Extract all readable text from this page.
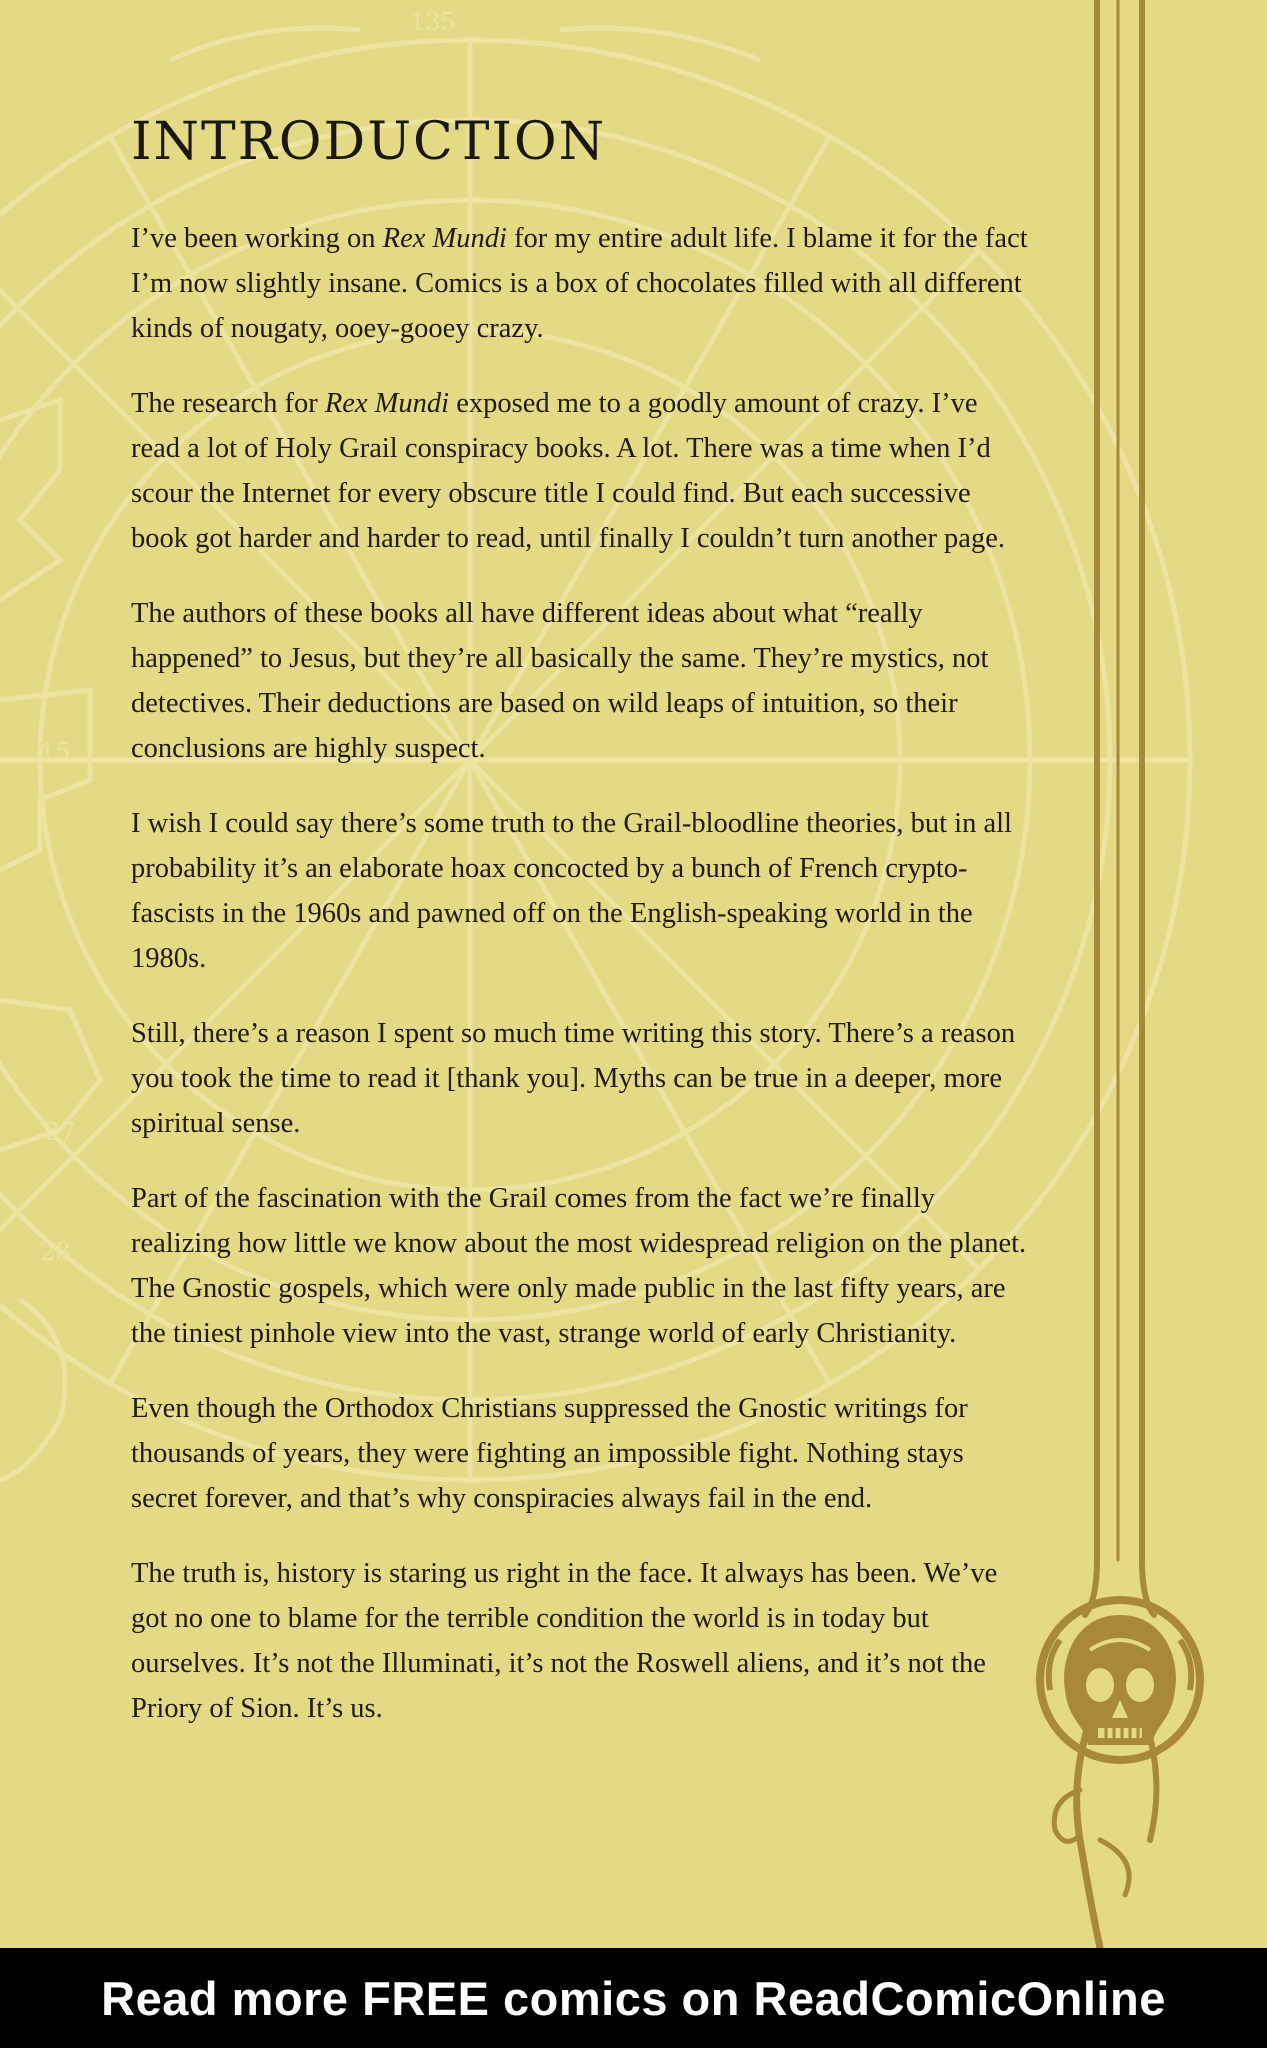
15
27
28
135
INTRODUCTION

I’ve been working on Rex Mundi for my entire adult life. I blame it for the fact I’m now slightly insane. Comics is a box of chocolates filled with all different kinds of nougaty, ooey-gooey crazy.

The research for Rex Mundi exposed me to a goodly amount of crazy. I’ve read a lot of Holy Grail conspiracy books. A lot. There was a time when I’d scour the Internet for every obscure title I could find. But each successive book got harder and harder to read, until finally I couldn’t turn another page.

The authors of these books all have different ideas about what “really happened” to Jesus, but they’re all basically the same. They’re mystics, not detectives. Their deductions are based on wild leaps of intuition, so their conclusions are highly suspect.

I wish I could say there’s some truth to the Grail-bloodline theories, but in all probability it’s an elaborate hoax concocted by a bunch of French crypto-fascists in the 1960s and pawned off on the English-speaking world in the 1980s.

Still, there’s a reason I spent so much time writing this story. There’s a reason you took the time to read it [thank you]. Myths can be true in a deeper, more spiritual sense.

Part of the fascination with the Grail comes from the fact we’re finally realizing how little we know about the most widespread religion on the planet. The Gnostic gospels, which were only made public in the last fifty years, are the tiniest pinhole view into the vast, strange world of early Christianity.

Even though the Orthodox Christians suppressed the Gnostic writings for thousands of years, they were fighting an impossible fight. Nothing stays secret forever, and that’s why conspiracies always fail in the end.

The truth is, history is staring us right in the face. It always has been. We’ve got no one to blame for the terrible condition the world is in today but ourselves. It’s not the Illuminati, it’s not the Roswell aliens, and it’s not the Priory of Sion. It’s us.

Read more FREE comics on ReadComicOnline
